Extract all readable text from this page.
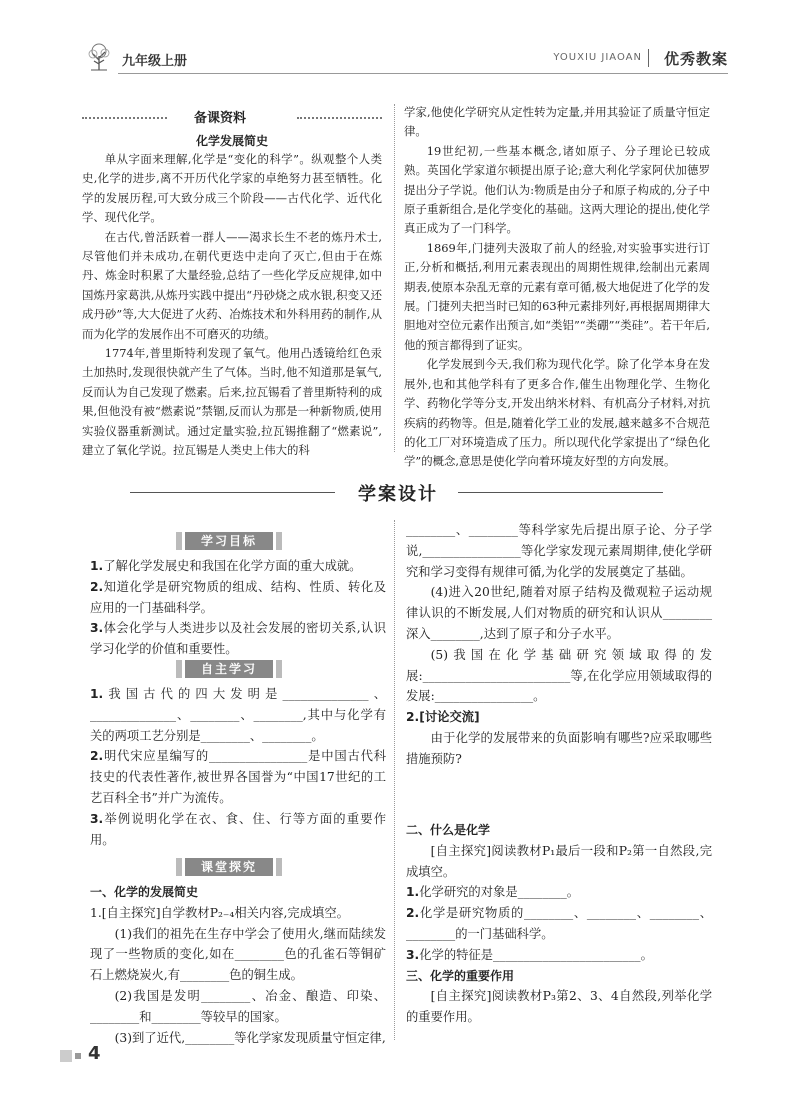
九年级上册	YOUXIU JIAOAN 优秀教案
备课资料
化学发展简史

单从字面来理解,化学是“变化的科学”。纵观整个人类史,化学的进步,离不开历代化学家的卓绝努力甚至牺牲。化学的发展历程,可大致分成三个阶段——古代化学、近代化学、现代化学。

在古代,曾活跃着一群人——渴求长生不老的炼丹术士,尽管他们并未成功,在朝代更迭中走向了灭亡,但由于在炼丹、炼金时积累了大量经验,总结了一些化学反应规律,如中国炼丹家葛洪,从炼丹实践中提出“丹砂烧之成水银,积变又还成丹砂”等,大大促进了火药、冶炼技术和外科用药的制作,从而为化学的发展作出不可磨灭的功绩。

1774年,普里斯特利发现了氧气。他用凸透镜给红色汞土加热时,发现很快就产生了气体。当时,他不知道那是氧气,反而认为自己发现了燃素。后来,拉瓦锡看了普里斯特利的成果,但他没有被“燃素说”禁锢,反而认为那是一种新物质,使用实验仪器重新测试。通过定量实验,拉瓦锡推翻了“燃素说”,建立了氧化学说。拉瓦锡是人类史上伟大的科

学家,他使化学研究从定性转为定量,并用其验证了质量守恒定律。

19世纪初,一些基本概念,诸如原子、分子理论已较成熟。英国化学家道尔顿提出原子论;意大利化学家阿伏加德罗提出分子学说。他们认为:物质是由分子和原子构成的,分子中原子重新组合,是化学变化的基础。这两大理论的提出,使化学真正成为了一门科学。

1869年,门捷列夫汲取了前人的经验,对实验事实进行订正,分析和概括,利用元素表现出的周期性规律,绘制出元素周期表,使原本杂乱无章的元素有章可循,极大地促进了化学的发展。门捷列夫把当时已知的63种元素排列好,再根据周期律大胆地对空位元素作出预言,如“类铝”“类硼”“类硅”。若干年后,他的预言都得到了证实。

化学发展到今天,我们称为现代化学。除了化学本身在发展外,也和其他学科有了更多合作,催生出物理化学、生物化学、药物化学等分支,开发出纳米材料、有机高分子材料,对抗疾病的药物等。但是,随着化学工业的发展,越来越多不合规范的化工厂对环境造成了压力。所以现代化学家提出了“绿色化学”的概念,意思是使化学向着环境友好型的方向发展。

学案设计
学习目标

1.了解化学发展史和我国在化学方面的重大成就。

2.知道化学是研究物质的组成、结构、性质、转化及应用的一门基础科学。

3.体会化学与人类进步以及社会发展的密切关系,认识学习化学的价值和重要性。

自主学习

1.我国古代的四大发明是______________、______________、________、________,其中与化学有关的两项工艺分别是________、________。

2.明代宋应星编写的________________是中国古代科技史的代表性著作,被世界各国誉为“中国17世纪的工艺百科全书”并广为流传。

3.举例说明化学在衣、食、住、行等方面的重要作用。

课堂探究

一、化学的发展简史

1.[自主探究]自学教材P₂₋₄相关内容,完成填空。

(1)我们的祖先在生存中学会了使用火,继而陆续发现了一些物质的变化,如在________色的孔雀石等铜矿石上燃烧炭火,有________色的铜生成。

(2)我国是发明________、冶金、酿造、印染、________和________等较早的国家。

(3)到了近代,________等化学家发现质量守恒定律,

________、________等科学家先后提出原子论、分子学说,________________等化学家发现元素周期律,使化学研究和学习变得有规律可循,为化学的发展奠定了基础。

(4)进入20世纪,随着对原子结构及微观粒子运动规律认识的不断发展,人们对物质的研究和认识从________深入________,达到了原子和分子水平。

(5)我国在化学基础研究领域取得的发展:________________________等,在化学应用领域取得的发展:________________。

2.[讨论交流]

由于化学的发展带来的负面影响有哪些?应采取哪些措施预防?

二、什么是化学

[自主探究]阅读教材P₁最后一段和P₂第一自然段,完成填空。

1.化学研究的对象是________。

2.化学是研究物质的________、________、________、________的一门基础科学。

3.化学的特征是________________________。

三、化学的重要作用

[自主探究]阅读教材P₃第2、3、4自然段,列举化学的重要作用。

4
